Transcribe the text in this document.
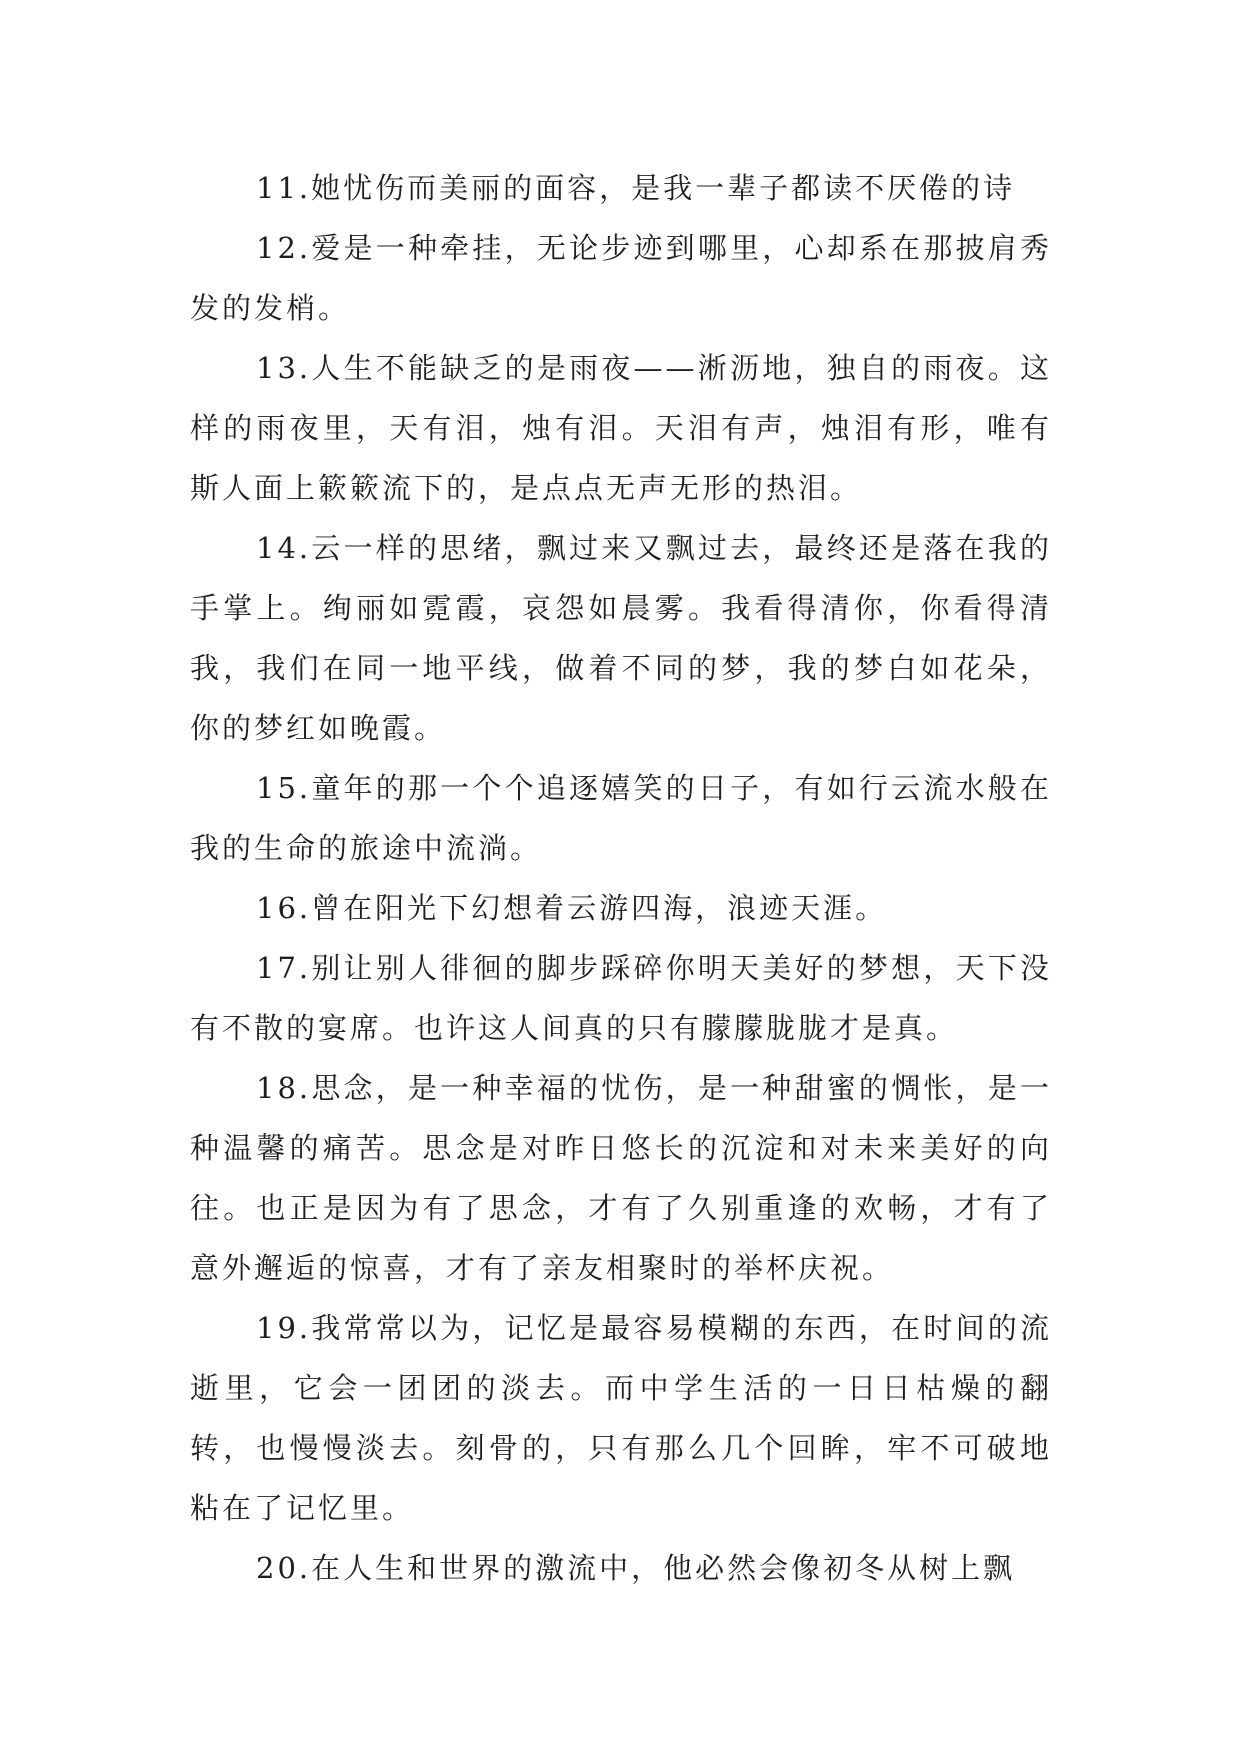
11.她忧伤而美丽的面容，是我一辈子都读不厌倦的诗

12.爱是一种牵挂，无论步迹到哪里，心却系在那披肩秀发的发梢。

13.人生不能缺乏的是雨夜——淅沥地，独自的雨夜。这样的雨夜里，天有泪，烛有泪。天泪有声，烛泪有形，唯有斯人面上簌簌流下的，是点点无声无形的热泪。

14.云一样的思绪，飘过来又飘过去，最终还是落在我的手掌上。绚丽如霓霞，哀怨如晨雾。我看得清你，你看得清我，我们在同一地平线，做着不同的梦，我的梦白如花朵，你的梦红如晚霞。

15.童年的那一个个追逐嬉笑的日子，有如行云流水般在我的生命的旅途中流淌。

16.曾在阳光下幻想着云游四海，浪迹天涯。

17.别让别人徘徊的脚步踩碎你明天美好的梦想，天下没有不散的宴席。也许这人间真的只有朦朦胧胧才是真。

18.思念，是一种幸福的忧伤，是一种甜蜜的惆怅，是一种温馨的痛苦。思念是对昨日悠长的沉淀和对未来美好的向往。也正是因为有了思念，才有了久别重逢的欢畅，才有了意外邂逅的惊喜，才有了亲友相聚时的举杯庆祝。

19.我常常以为，记忆是最容易模糊的东西，在时间的流逝里，它会一团团的淡去。而中学生活的一日日枯燥的翻转，也慢慢淡去。刻骨的，只有那么几个回眸，牢不可破地粘在了记忆里。

20.在人生和世界的激流中，他必然会像初冬从树上飘
